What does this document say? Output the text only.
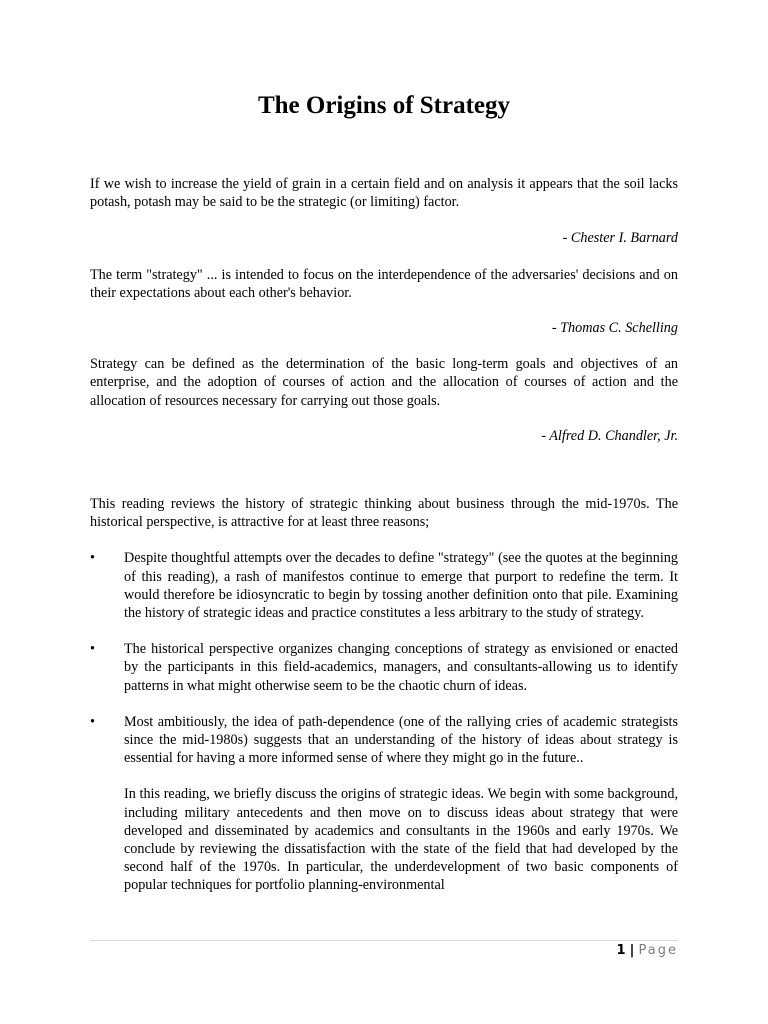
The Origins of Strategy

If we wish to increase the yield of grain in a certain field and on analysis it appears that the soil lacks potash, potash may be said to be the strategic (or limiting) factor.

- Chester I. Barnard

The term "strategy" ... is intended to focus on the interdependence of the adversaries' decisions and on their expectations about each other's behavior.

- Thomas C. Schelling

Strategy can be defined as the determination of the basic long-term goals and objectives of an enterprise, and the adoption of courses of action and the allocation of courses of action and the allocation of resources necessary for carrying out those goals.

- Alfred D. Chandler, Jr.

This reading reviews the history of strategic thinking about business through the mid-1970s. The historical perspective, is attractive for at least three reasons;

• Despite thoughtful attempts over the decades to define "strategy" (see the quotes at the beginning of this reading), a rash of manifestos continue to emerge that purport to redefine the term. It would therefore be idiosyncratic to begin by tossing another definition onto that pile. Examining the history of strategic ideas and practice constitutes a less arbitrary to the study of strategy.

• The historical perspective organizes changing conceptions of strategy as envisioned or enacted by the participants in this field-academics, managers, and consultants-allowing us to identify patterns in what might otherwise seem to be the chaotic churn of ideas.

• Most ambitiously, the idea of path-dependence (one of the rallying cries of academic strategists since the mid-1980s) suggests that an understanding of the history of ideas about strategy is essential for having a more informed sense of where they might go in the future..

In this reading, we briefly discuss the origins of strategic ideas. We begin with some background, including military antecedents and then move on to discuss ideas about strategy that were developed and disseminated by academics and consultants in the 1960s and early 1970s. We conclude by reviewing the dissatisfaction with the state of the field that had developed by the second half of the 1970s. In particular, the underdevelopment of two basic components of popular techniques for portfolio planning-environmental

1 | Page
